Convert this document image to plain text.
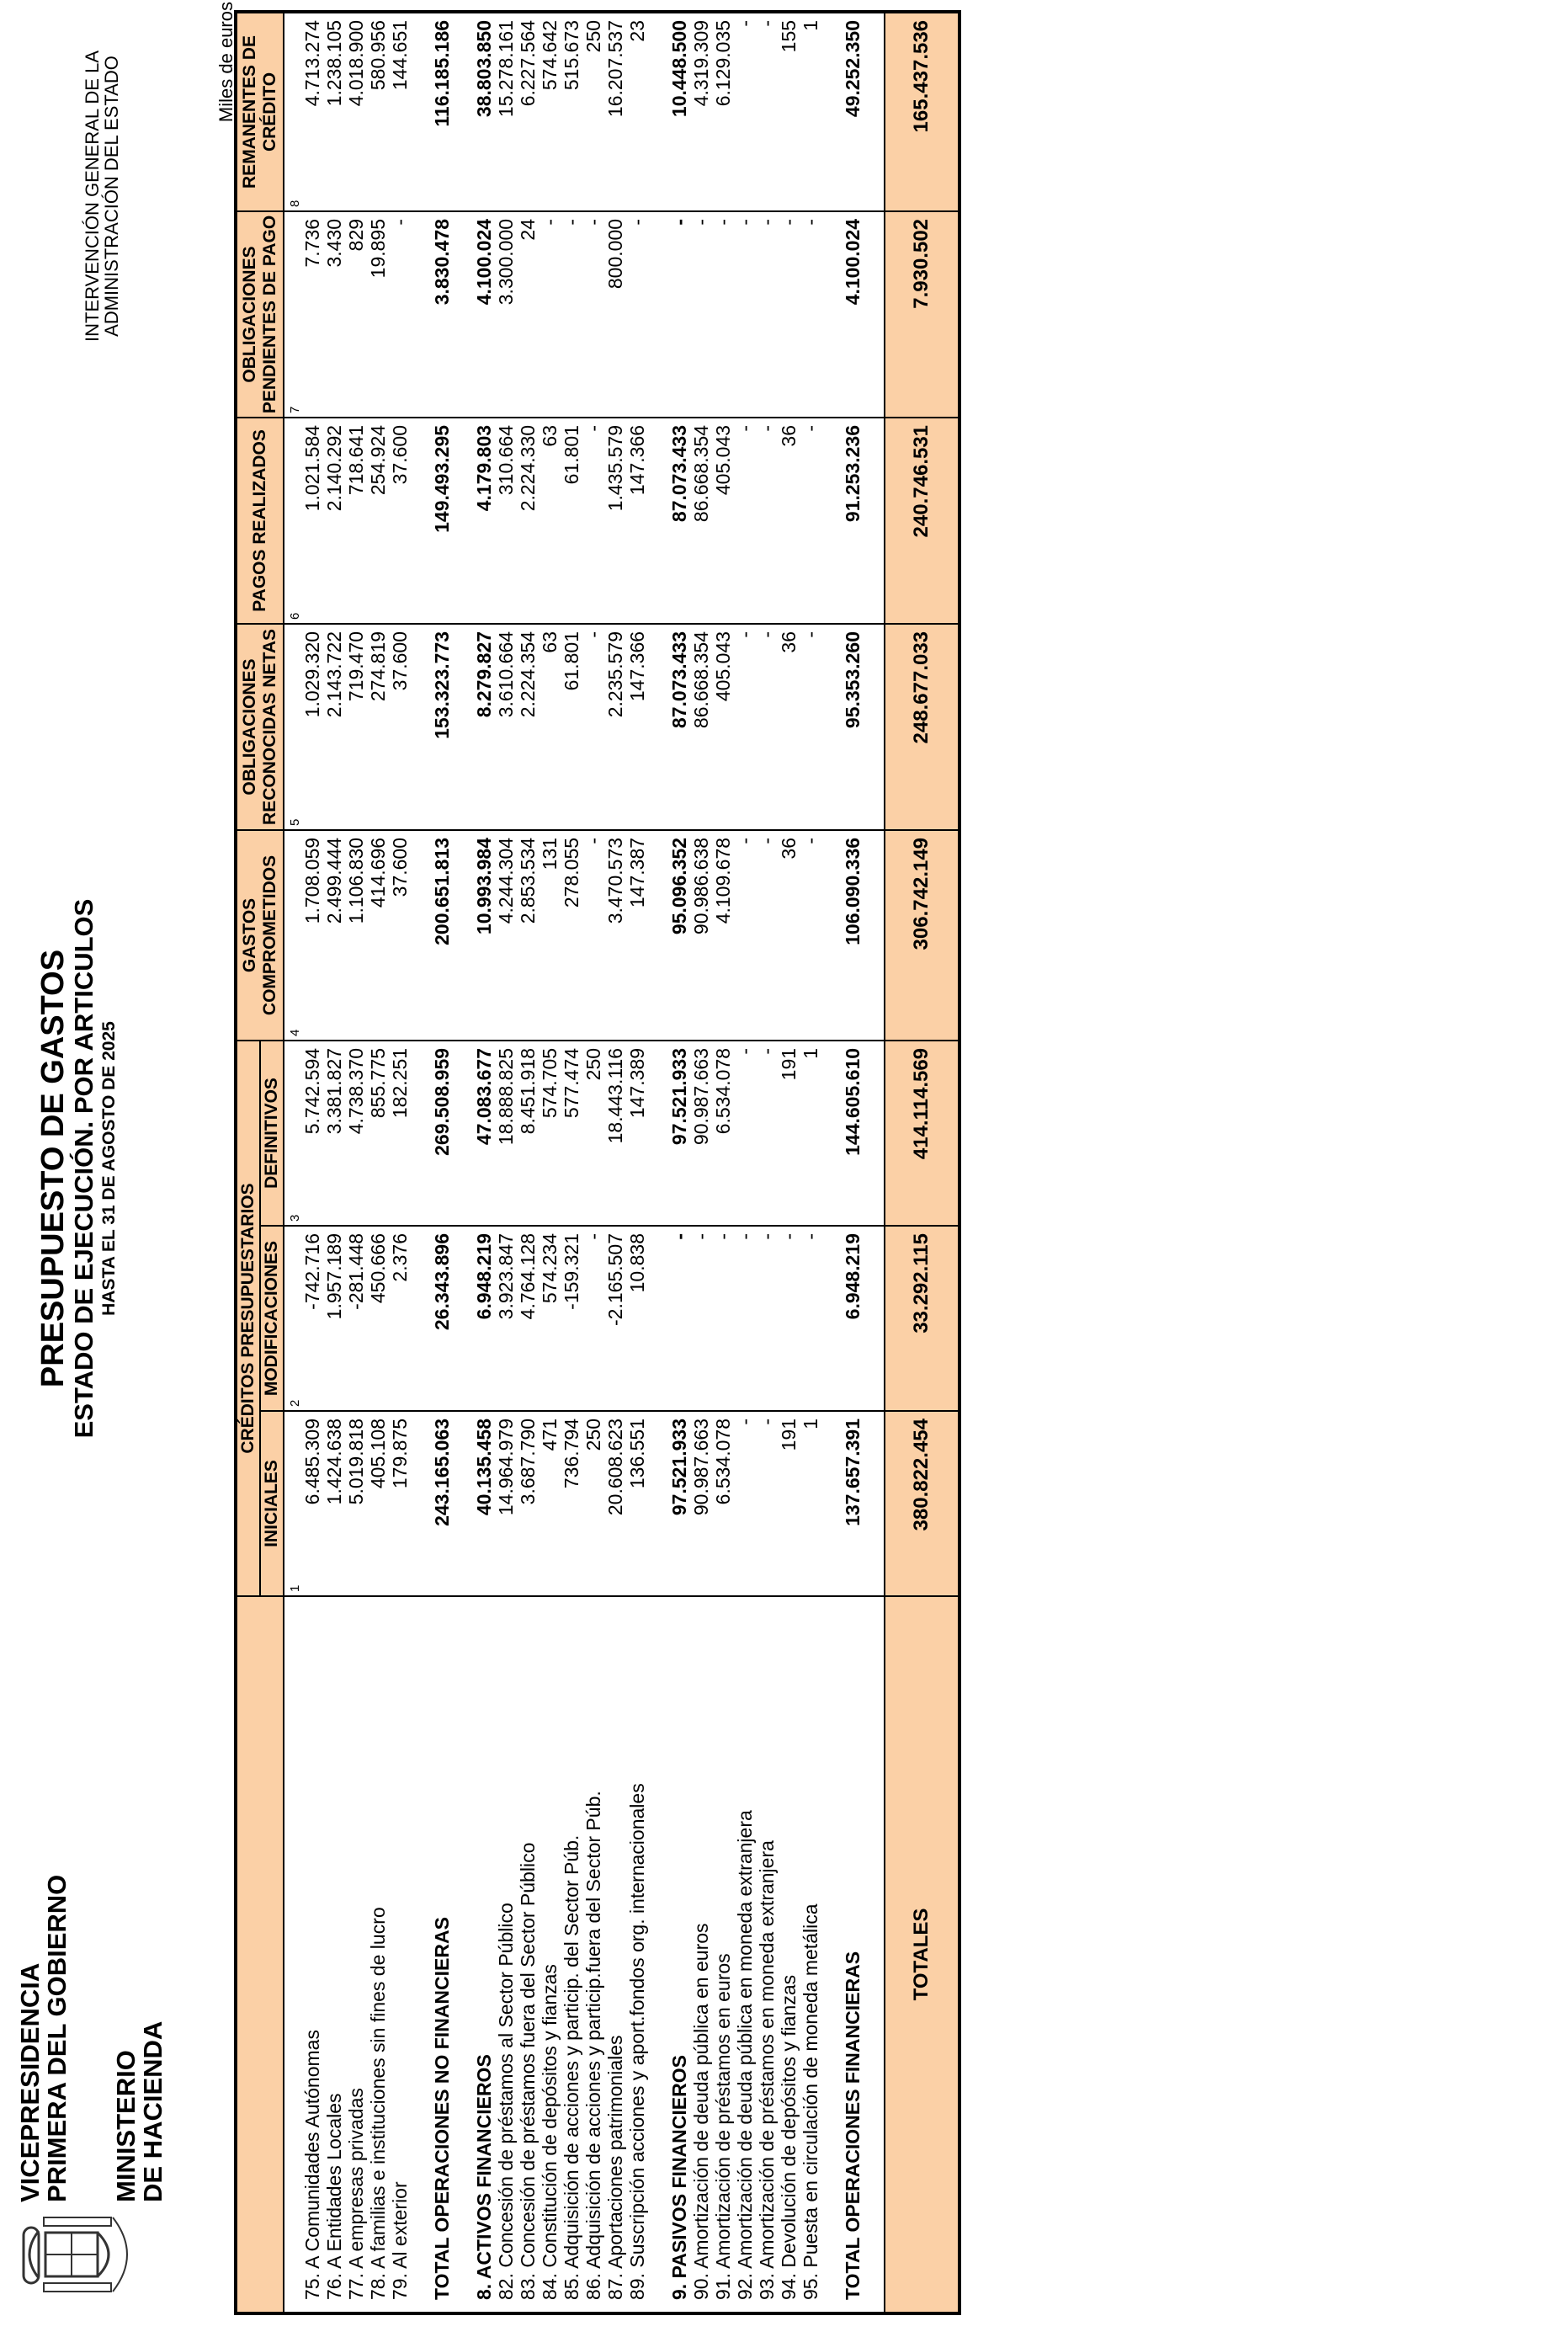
VICEPRESIDENCIA
PRIMERA DEL GOBIERNO MINISTERIO
DE HACIENDA
PRESUPUESTO DE GASTOS
ESTADO DE EJECUCIÓN. POR ARTICULOS HASTA EL 31 DE AGOSTO DE 2025
INTERVENCIÓN GENERAL DE LA
ADMINISTRACIÓN DEL ESTADO	Miles de euros
	CRÉDITOS PRESUPUESTARIOS			GASTOS COMPROMETIDOS	OBLIGACIONES RECONOCIDAS NETAS	PAGOS REALIZADOS	OBLIGACIONES PENDIENTES DE PAGO	REMANENTES DE CRÉDITO
	INICIALES	MODIFICACIONES	DEFINITIVOS					
	1	2	3	4	5	6	7	8
75. A Comunidades Autónomas	6.485.309	-742.716	5.742.594	1.708.059	1.029.320	1.021.584	7.736	4.713.274
76. A Entidades Locales	1.424.638	1.957.189	3.381.827	2.499.444	2.143.722	2.140.292	3.430	1.238.105
77. A empresas privadas	5.019.818	-281.448	4.738.370	1.106.830	719.470	718.641	829	4.018.900
78. A familias e instituciones sin fines de lucro	405.108	450.666	855.775	414.696	274.819	254.924	19.895	580.956
79. Al exterior	179.875	2.376	182.251	37.600	37.600	37.600	-	144.651

TOTAL OPERACIONES NO FINANCIERAS	243.165.063	26.343.896	269.508.959	200.651.813	153.323.773	149.493.295	3.830.478	116.185.186

8. ACTIVOS FINANCIEROS	40.135.458	6.948.219	47.083.677	10.993.984	8.279.827	4.179.803	4.100.024	38.803.850
82. Concesión de préstamos al Sector Público	14.964.979	3.923.847	18.888.825	4.244.304	3.610.664	310.664	3.300.000	15.278.161
83. Concesión de préstamos fuera del Sector Público	3.687.790	4.764.128	8.451.918	2.853.534	2.224.354	2.224.330	24	6.227.564
84. Constitución de depósitos y fianzas	471	574.234	574.705	131	63	63	-	574.642
85. Adquisición de acciones y particip. del Sector Púb.	736.794	-159.321	577.474	278.055	61.801	61.801	-	515.673
86. Adquisición de acciones y particip.fuera del Sector Púb.	250	-	250	-	-	-	-	250
87. Aportaciones patrimoniales	20.608.623	-2.165.507	18.443.116	3.470.573	2.235.579	1.435.579	800.000	16.207.537
89. Suscripción acciones y aport.fondos org. internacionales	136.551	10.838	147.389	147.387	147.366	147.366	-	23

9. PASIVOS FINANCIEROS	97.521.933	-	97.521.933	95.096.352	87.073.433	87.073.433	-	10.448.500
90. Amortización de deuda pública en euros	90.987.663	-	90.987.663	90.986.638	86.668.354	86.668.354	-	4.319.309
91. Amortización de préstamos en euros	6.534.078	-	6.534.078	4.109.678	405.043	405.043	-	6.129.035
92. Amortización de deuda pública en moneda extranjera	-	-	-	-	-	-	-	-
93. Amortización de préstamos en moneda extranjera	-	-	-	-	-	-	-	-
94. Devolución de depósitos y fianzas	191	-	191	36	36	36	-	155
95. Puesta en circulación de moneda metálica	1	-	1	-	-	-	-	1

TOTAL OPERACIONES FINANCIERAS	137.657.391	6.948.219	144.605.610	106.090.336	95.353.260	91.253.236	4.100.024	49.252.350

TOTALES	380.822.454	33.292.115	414.114.569	306.742.149	248.677.033	240.746.531	7.930.502	165.437.536
